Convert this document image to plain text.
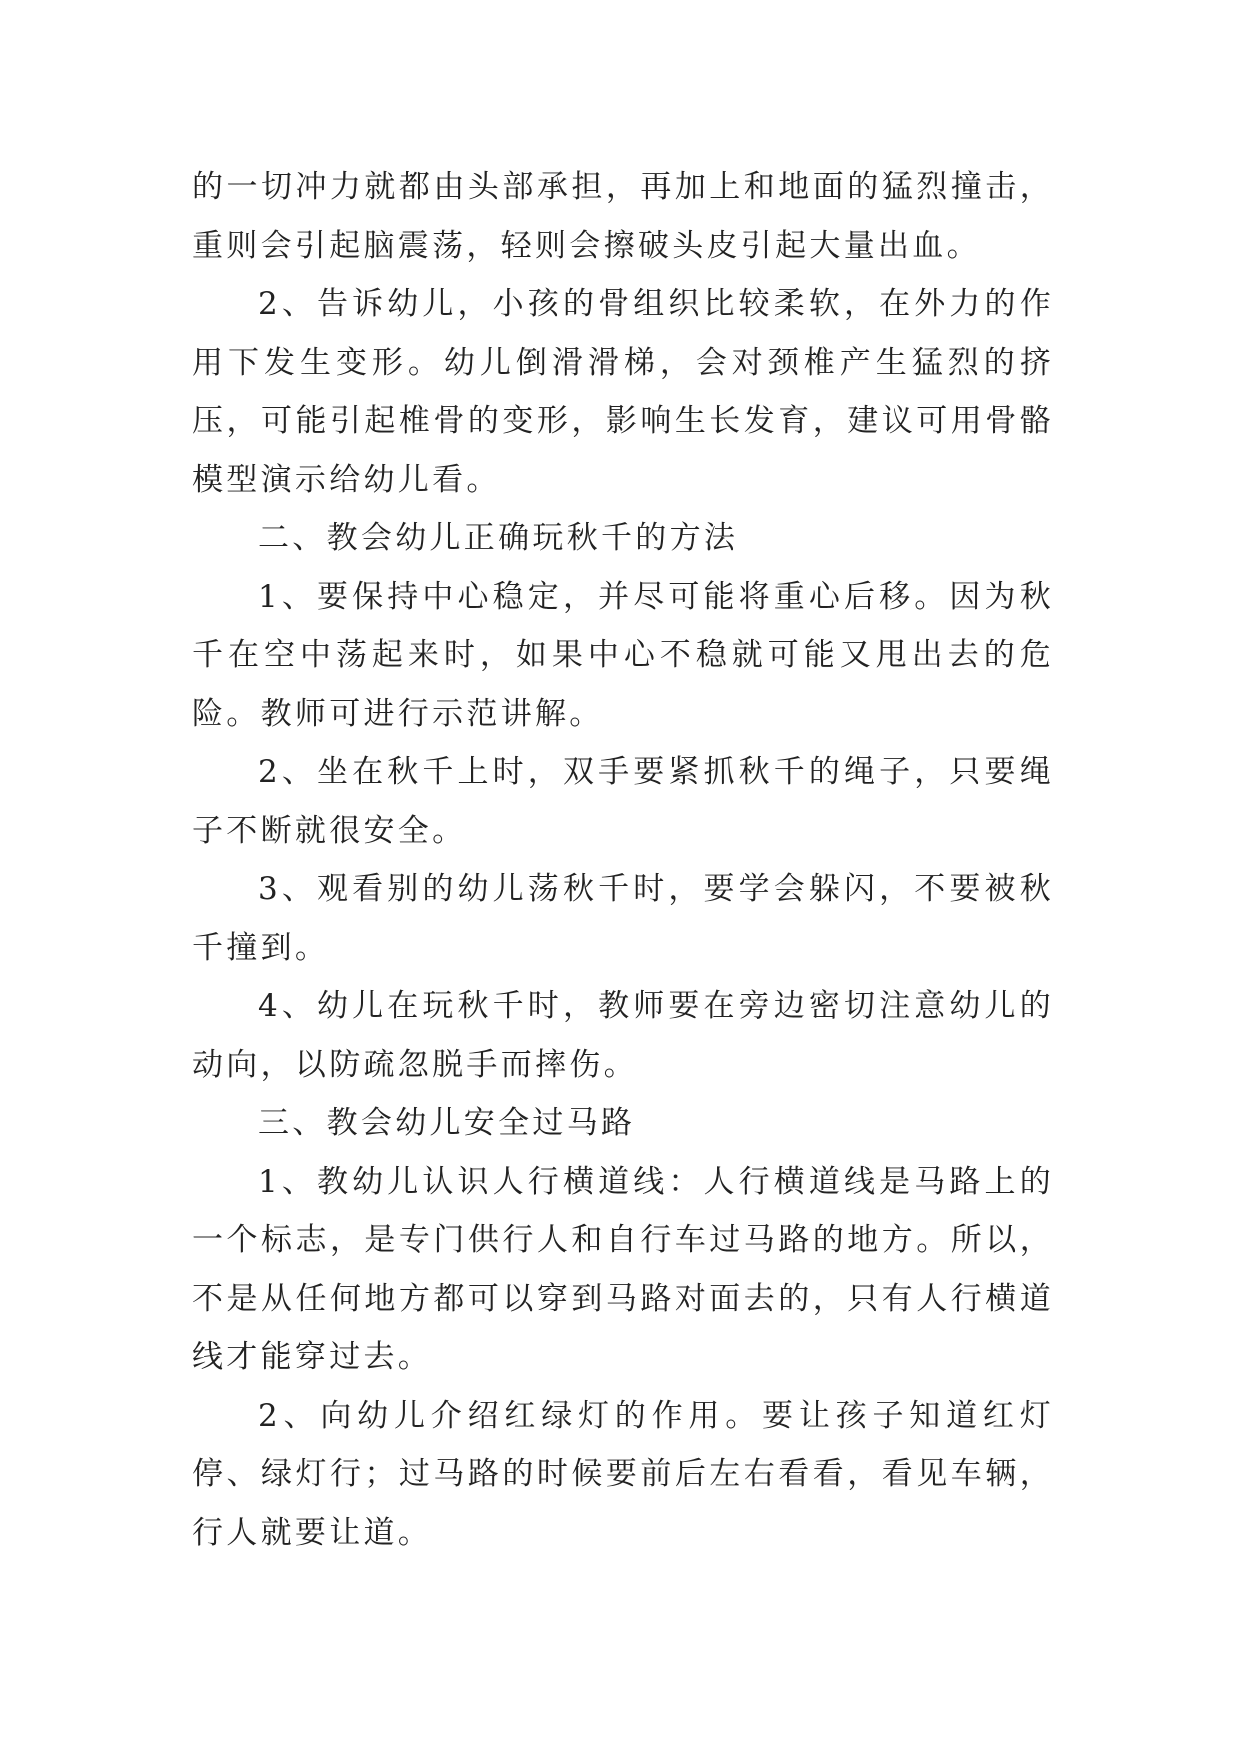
的一切冲力就都由头部承担，再加上和地面的猛烈撞击，重则会引起脑震荡，轻则会擦破头皮引起大量出血。

2、告诉幼儿，小孩的骨组织比较柔软，在外力的作用下发生变形。幼儿倒滑滑梯，会对颈椎产生猛烈的挤压，可能引起椎骨的变形，影响生长发育，建议可用骨骼模型演示给幼儿看。

二、教会幼儿正确玩秋千的方法

1、要保持中心稳定，并尽可能将重心后移。因为秋千在空中荡起来时，如果中心不稳就可能又甩出去的危险。教师可进行示范讲解。

2、坐在秋千上时，双手要紧抓秋千的绳子，只要绳子不断就很安全。

3、观看别的幼儿荡秋千时，要学会躲闪，不要被秋千撞到。

4、幼儿在玩秋千时，教师要在旁边密切注意幼儿的动向，以防疏忽脱手而摔伤。

三、教会幼儿安全过马路

1、教幼儿认识人行横道线：人行横道线是马路上的一个标志，是专门供行人和自行车过马路的地方。所以，不是从任何地方都可以穿到马路对面去的，只有人行横道线才能穿过去。

2、向幼儿介绍红绿灯的作用。要让孩子知道红灯停、绿灯行；过马路的时候要前后左右看看，看见车辆，行人就要让道。
